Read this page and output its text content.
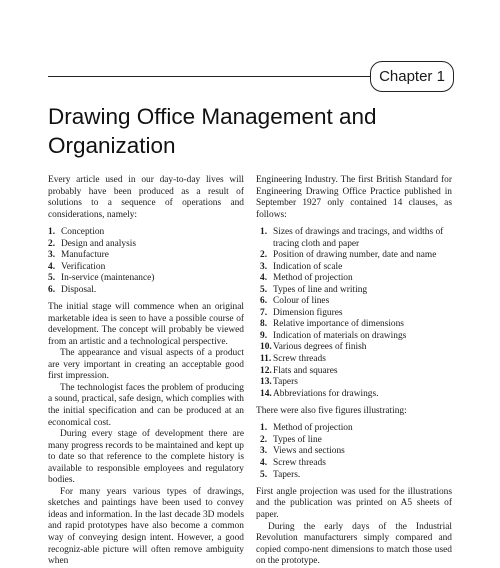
Chapter 1
Drawing Office Management and Organization

Every article used in our day-to-day lives will probably have been produced as a result of solutions to a sequence of operations and considerations, namely:

1. Conception
2. Design and analysis
3. Manufacture
4. Verification
5. In-service (maintenance)
6. Disposal.

The initial stage will commence when an original marketable idea is seen to have a possible course of development. The concept will probably be viewed from an artistic and a technological perspective.

The appearance and visual aspects of a product are very important in creating an acceptable good first impression.

The technologist faces the problem of producing a sound, practical, safe design, which complies with the initial specification and can be produced at an economical cost.

During every stage of development there are many progress records to be maintained and kept up to date so that reference to the complete history is available to responsible employees and regulatory bodies.

For many years various types of drawings, sketches and paintings have been used to convey ideas and information. In the last decade 3D models and rapid prototypes have also become a common way of conveying design intent. However, a good recogniz-able picture will often remove ambiguity when

Engineering Industry. The first British Standard for Engineering Drawing Office Practice published in September 1927 only contained 14 clauses, as follows:

1. Sizes of drawings and tracings, and widths of tracing cloth and paper
2. Position of drawing number, date and name
3. Indication of scale
4. Method of projection
5. Types of line and writing
6. Colour of lines
7. Dimension figures
8. Relative importance of dimensions
9. Indication of materials on drawings
10. Various degrees of finish
11. Screw threads
12. Flats and squares
13. Tapers
14. Abbreviations for drawings.

There were also five figures illustrating:

1. Method of projection
2. Types of line
3. Views and sections
4. Screw threads
5. Tapers.

First angle projection was used for the illustrations and the publication was printed on A5 sheets of paper.

During the early days of the Industrial Revolution manufacturers simply compared and copied compo-nent dimensions to match those used on the prototype.
